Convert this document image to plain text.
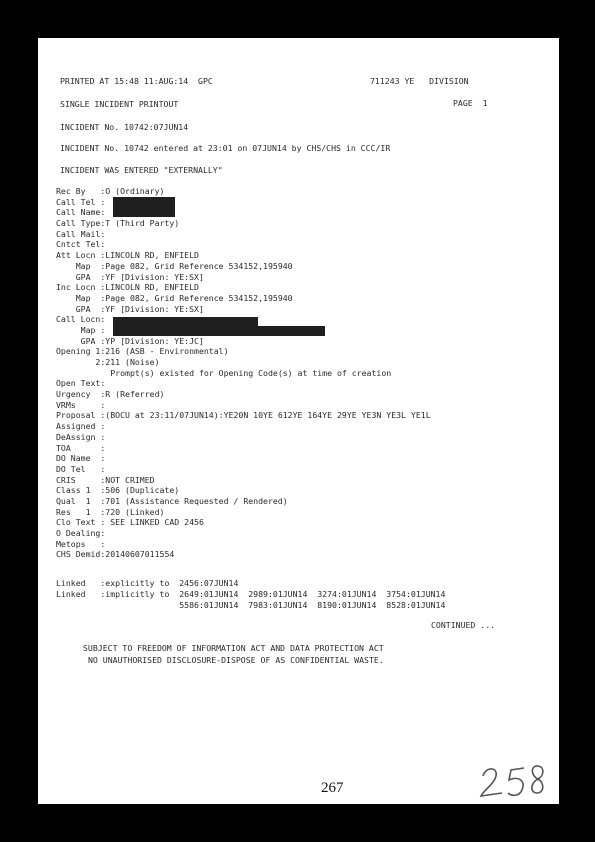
PRINTED AT 15:48 11:AUG:14  GPC	711243 YE   DIVISION
SINGLE INCIDENT PRINTOUT	PAGE  1
INCIDENT No. 10742:07JUN14
INCIDENT No. 10742 entered at 23:01 on 07JUN14 by CHS/CHS in CCC/IR
INCIDENT WAS ENTERED "EXTERNALLY"
Rec By   :O (Ordinary)
Call Tel :
Call Name:
Call Type:T (Third Party)
Call Mail:
Cntct Tel:
Att Locn :LINCOLN RD, ENFIELD
Map  :Page 082, Grid Reference 534152,195940
GPA  :YF [Division: YE:SX]
Inc Locn :LINCOLN RD, ENFIELD
Map  :Page 082, Grid Reference 534152,195940
GPA  :YF [Division: YE:SX]
Call Locn:
Map :
GPA :YP [Division: YE:JC]
Opening 1:216 (ASB - Environmental)
2:211 (Noise)
Prompt(s) existed for Opening Code(s) at time of creation
Open Text:
Urgency  :R (Referred)
VRMs     :
Proposal :(BOCU at 23:11/07JUN14):YE20N 10YE 612YE 164YE 29YE YE3N YE3L YE1L
Assigned :
DeAssign :
TOA      :
DO Name  :
DO Tel   :
CRIS     :NOT CRIMED
Class 1  :506 (Duplicate)
Qual  1  :701 (Assistance Requested / Rendered)
Res   1  :720 (Linked)
Clo Text : SEE LINKED CAD 2456
O Dealing:
Metops   :
CHS Demid:20140607011554
Linked   :explicitly to  2456:07JUN14
Linked   :implicitly to  2649:01JUN14  2989:01JUN14  3274:01JUN14  3754:01JUN14
5586:01JUN14  7983:01JUN14  8190:01JUN14  8528:01JUN14
CONTINUED ...
SUBJECT TO FREEDOM OF INFORMATION ACT AND DATA PROTECTION ACT
NO UNAUTHORISED DISCLOSURE-DISPOSE OF AS CONFIDENTIAL WASTE.
267
